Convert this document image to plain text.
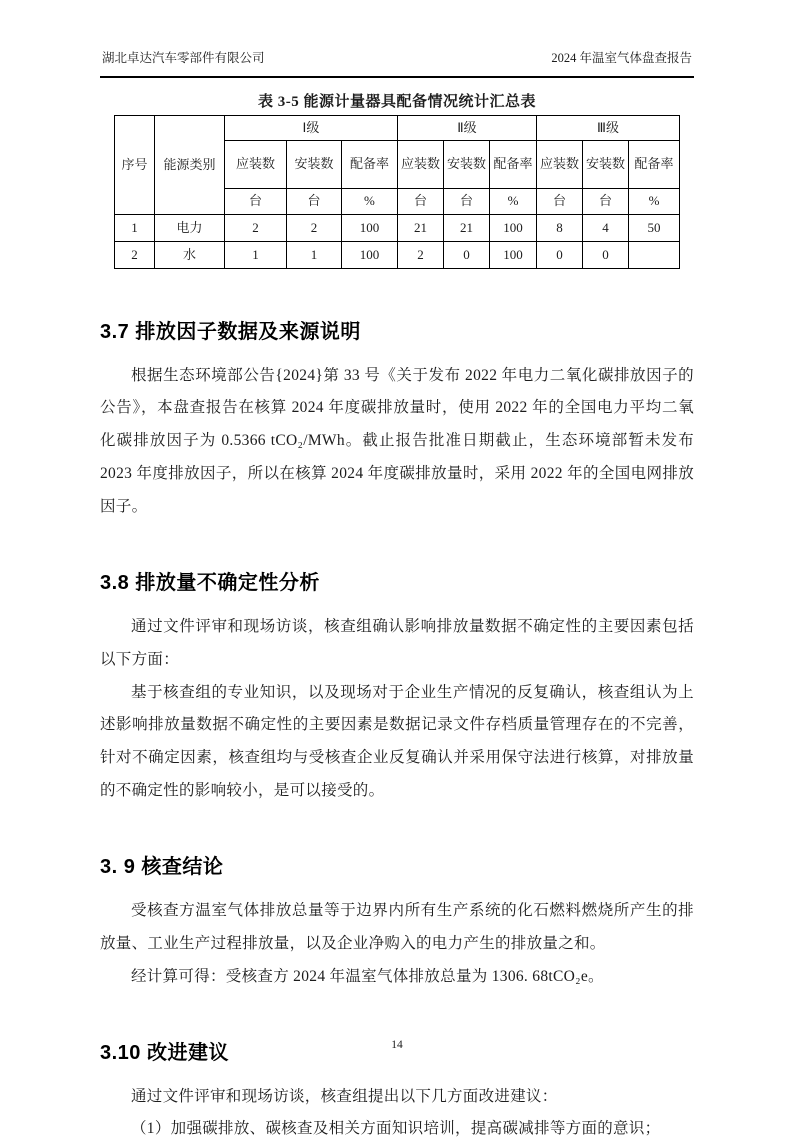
湖北卓达汽车零部件有限公司	2024 年温室气体盘查报告
表 3-5 能源计量器具配备情况统计汇总表
序号	能源类别	Ⅰ级			Ⅱ级			Ⅲ级		
		应装数	安装数	配备率	应装数	安装数	配备率	应装数	安装数	配备率
		台	台	%	台	台	%	台	台	%
1	电力	2	2	100	21	21	100	8	4	50
2	水	1	1	100	2	0	100	0	0	
3.7 排放因子数据及来源说明

根据生态环境部公告{2024}第 33 号《关于发布 2022 年电力二氧化碳排放因子的公告》，本盘查报告在核算 2024 年度碳排放量时，使用 2022 年的全国电力平均二氧化碳排放因子为 0.5366 tCO₂/MWh。截止报告批准日期截止，生态环境部暂未发布 2023 年度排放因子，所以在核算 2024 年度碳排放量时，采用 2022 年的全国电网排放因子。

3.8 排放量不确定性分析

通过文件评审和现场访谈，核查组确认影响排放量数据不确定性的主要因素包括以下方面：

基于核查组的专业知识，以及现场对于企业生产情况的反复确认，核查组认为上述影响排放量数据不确定性的主要因素是数据记录文件存档质量管理存在的不完善，针对不确定因素，核查组均与受核查企业反复确认并采用保守法进行核算，对排放量的不确定性的影响较小，是可以接受的。

3. 9 核查结论

受核查方温室气体排放总量等于边界内所有生产系统的化石燃料燃烧所产生的排放量、工业生产过程排放量，以及企业净购入的电力产生的排放量之和。

经计算可得：受核查方 2024 年温室气体排放总量为 1306. 68tCO₂e。

3.10 改进建议

通过文件评审和现场访谈，核查组提出以下几方面改进建议：

（1）加强碳排放、碳核查及相关方面知识培训，提高碳减排等方面的意识；

14
